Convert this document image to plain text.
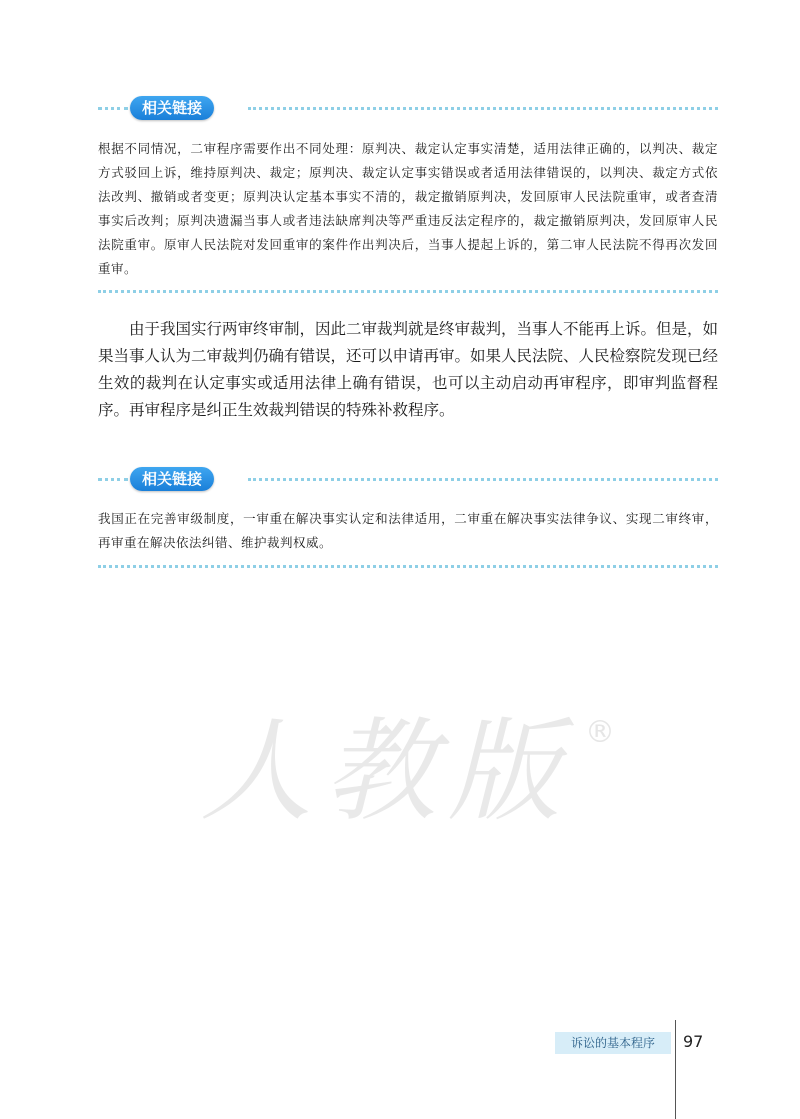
相关链接

根据不同情况，二审程序需要作出不同处理：原判决、裁定认定事实清楚，适用法律正确的，以判决、裁定方式驳回上诉，维持原判决、裁定；原判决、裁定认定事实错误或者适用法律错误的，以判决、裁定方式依法改判、撤销或者变更；原判决认定基本事实不清的，裁定撤销原判决，发回原审人民法院重审，或者查清事实后改判；原判决遗漏当事人或者违法缺席判决等严重违反法定程序的，裁定撤销原判决，发回原审人民法院重审。原审人民法院对发回重审的案件作出判决后，当事人提起上诉的，第二审人民法院不得再次发回重审。

由于我国实行两审终审制，因此二审裁判就是终审裁判，当事人不能再上诉。但是，如果当事人认为二审裁判仍确有错误，还可以申请再审。如果人民法院、人民检察院发现已经生效的裁判在认定事实或适用法律上确有错误，也可以主动启动再审程序，即审判监督程序。再审程序是纠正生效裁判错误的特殊补救程序。

相关链接

我国正在完善审级制度，一审重在解决事实认定和法律适用，二审重在解决事实法律争议、实现二审终审，再审重在解决依法纠错、维护裁判权威。

人教版 ®
诉讼的基本程序	97
